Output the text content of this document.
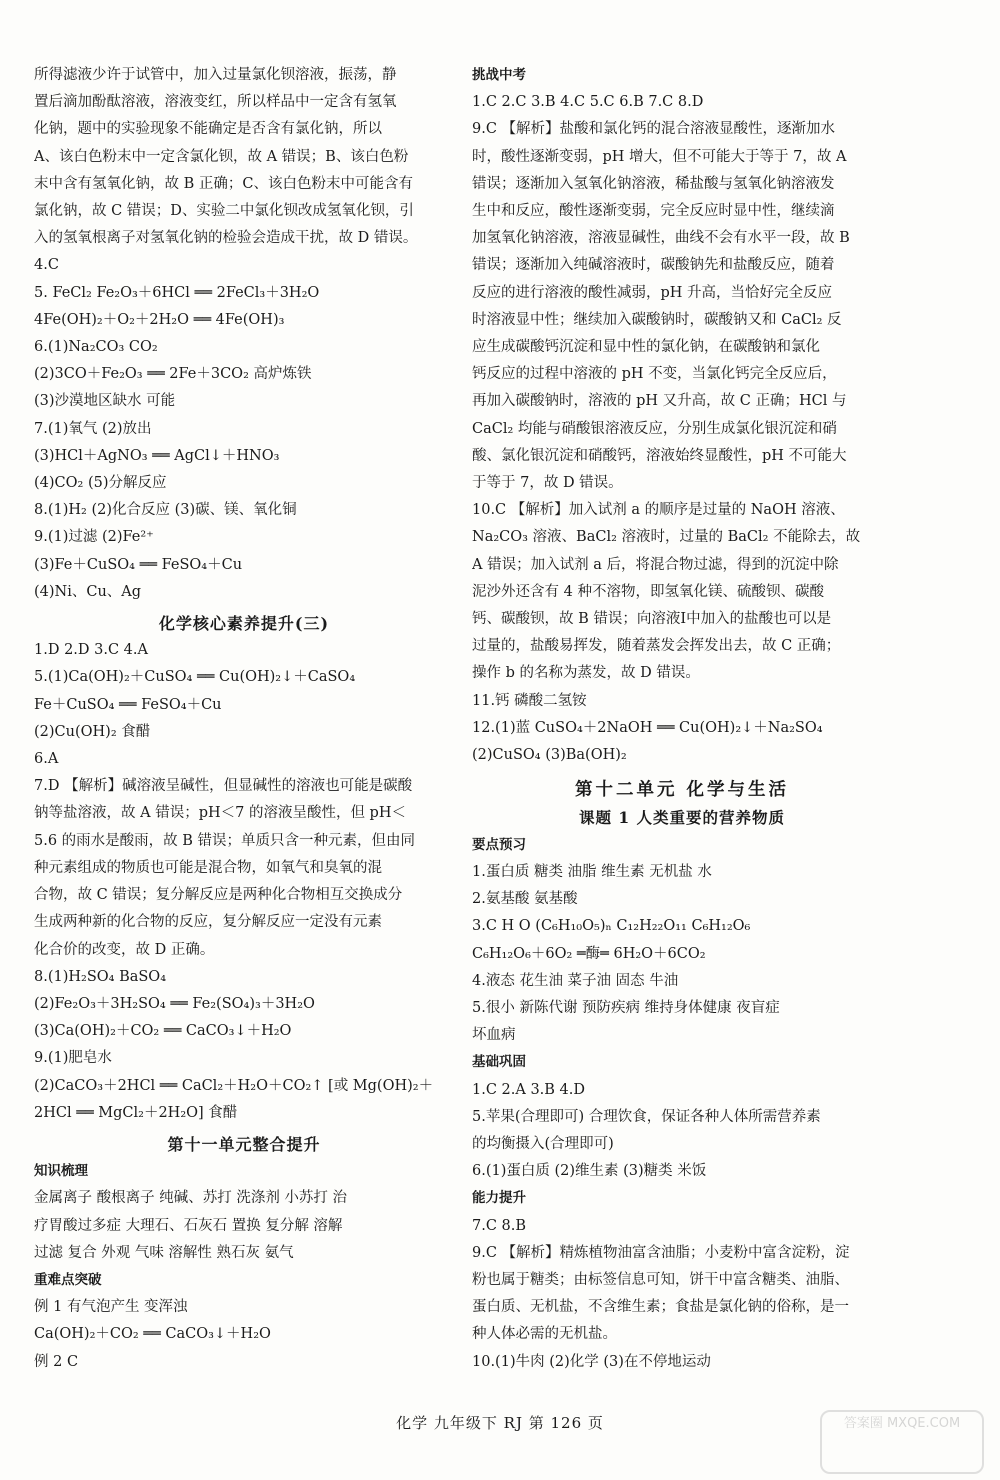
所得滤液少许于试管中，加入过量氯化钡溶液，振荡，静
置后滴加酚酞溶液，溶液变红，所以样品中一定含有氢氧
化钠，题中的实验现象不能确定是否含有氯化钠，所以
A、该白色粉末中一定含氯化钡，故 A 错误；B、该白色粉
末中含有氢氧化钠，故 B 正确；C、该白色粉末中可能含有
氯化钠，故 C 错误；D、实验二中氯化钡改成氢氧化钡，引
入的氢氧根离子对氢氧化钠的检验会造成干扰，故 D 错误。
4.C
5. FeCl₂ Fe₂O₃＋6HCl ══ 2FeCl₃＋3H₂O
4Fe(OH)₂＋O₂＋2H₂O ══ 4Fe(OH)₃
6.(1)Na₂CO₃ CO₂
(2)3CO＋Fe₂O₃ ══ 2Fe＋3CO₂ 高炉炼铁
(3)沙漠地区缺水 可能
7.(1)氧气 (2)放出
(3)HCl＋AgNO₃ ══ AgCl↓＋HNO₃
(4)CO₂ (5)分解反应
8.(1)H₂ (2)化合反应 (3)碳、镁、氧化铜
9.(1)过滤 (2)Fe²⁺
(3)Fe＋CuSO₄ ══ FeSO₄＋Cu
(4)Ni、Cu、Ag
化学核心素养提升(三)
1.D 2.D 3.C 4.A
5.(1)Ca(OH)₂＋CuSO₄ ══ Cu(OH)₂↓＋CaSO₄
Fe＋CuSO₄ ══ FeSO₄＋Cu
(2)Cu(OH)₂ 食醋
6.A
7.D 【解析】碱溶液呈碱性，但显碱性的溶液也可能是碳酸
钠等盐溶液，故 A 错误；pH＜7 的溶液呈酸性，但 pH＜
5.6 的雨水是酸雨，故 B 错误；单质只含一种元素，但由同
种元素组成的物质也可能是混合物，如氧气和臭氧的混
合物，故 C 错误；复分解反应是两种化合物相互交换成分
生成两种新的化合物的反应，复分解反应一定没有元素
化合价的改变，故 D 正确。
8.(1)H₂SO₄ BaSO₄
(2)Fe₂O₃＋3H₂SO₄ ══ Fe₂(SO₄)₃＋3H₂O
(3)Ca(OH)₂＋CO₂ ══ CaCO₃↓＋H₂O
9.(1)肥皂水
(2)CaCO₃＋2HCl ══ CaCl₂＋H₂O＋CO₂↑ [或 Mg(OH)₂＋
2HCl ══ MgCl₂＋2H₂O] 食醋
第十一单元整合提升
知识梳理
金属离子 酸根离子 纯碱、苏打 洗涤剂 小苏打 治
疗胃酸过多症 大理石、石灰石 置换 复分解 溶解
过滤 复合 外观 气味 溶解性 熟石灰 氨气
重难点突破
例 1 有气泡产生 变浑浊
Ca(OH)₂＋CO₂ ══ CaCO₃↓＋H₂O
例 2 C
挑战中考
1.C 2.C 3.B 4.C 5.C 6.B 7.C 8.D
9.C 【解析】盐酸和氯化钙的混合溶液显酸性，逐渐加水
时，酸性逐渐变弱，pH 增大，但不可能大于等于 7，故 A
错误；逐渐加入氢氧化钠溶液，稀盐酸与氢氧化钠溶液发
生中和反应，酸性逐渐变弱，完全反应时显中性，继续滴
加氢氧化钠溶液，溶液显碱性，曲线不会有水平一段，故 B
错误；逐渐加入纯碱溶液时，碳酸钠先和盐酸反应，随着
反应的进行溶液的酸性减弱，pH 升高，当恰好完全反应
时溶液显中性；继续加入碳酸钠时，碳酸钠又和 CaCl₂ 反
应生成碳酸钙沉淀和显中性的氯化钠，在碳酸钠和氯化
钙反应的过程中溶液的 pH 不变，当氯化钙完全反应后，
再加入碳酸钠时，溶液的 pH 又升高，故 C 正确；HCl 与
CaCl₂ 均能与硝酸银溶液反应，分别生成氯化银沉淀和硝
酸、氯化银沉淀和硝酸钙，溶液始终显酸性，pH 不可能大
于等于 7，故 D 错误。
10.C 【解析】加入试剂 a 的顺序是过量的 NaOH 溶液、
Na₂CO₃ 溶液、BaCl₂ 溶液时，过量的 BaCl₂ 不能除去，故
A 错误；加入试剂 a 后，将混合物过滤，得到的沉淀中除
泥沙外还含有 4 种不溶物，即氢氧化镁、硫酸钡、碳酸
钙、碳酸钡，故 B 错误；向溶液Ⅰ中加入的盐酸也可以是
过量的，盐酸易挥发，随着蒸发会挥发出去，故 C 正确；
操作 b 的名称为蒸发，故 D 错误。
11.钙 磷酸二氢铵
12.(1)蓝 CuSO₄＋2NaOH ══ Cu(OH)₂↓＋Na₂SO₄
(2)CuSO₄ (3)Ba(OH)₂
第十二单元 化学与生活
课题 1 人类重要的营养物质
要点预习
1.蛋白质 糖类 油脂 维生素 无机盐 水
2.氨基酸 氨基酸
3.C H O (C₆H₁₀O₅)ₙ C₁₂H₂₂O₁₁ C₆H₁₂O₆
C₆H₁₂O₆＋6O₂ ═酶═ 6H₂O＋6CO₂
4.液态 花生油 菜子油 固态 牛油
5.很小 新陈代谢 预防疾病 维持身体健康 夜盲症
坏血病
基础巩固
1.C 2.A 3.B 4.D
5.苹果(合理即可) 合理饮食，保证各种人体所需营养素
的均衡摄入(合理即可)
6.(1)蛋白质 (2)维生素 (3)糖类 米饭
能力提升
7.C 8.B
9.C 【解析】精炼植物油富含油脂；小麦粉中富含淀粉，淀
粉也属于糖类；由标签信息可知，饼干中富含糖类、油脂、
蛋白质、无机盐，不含维生素；食盐是氯化钠的俗称，是一
种人体必需的无机盐。
10.(1)牛肉 (2)化学 (3)在不停地运动
化学 九年级下 RJ 第 126 页	答案圈 MXQE.COM
